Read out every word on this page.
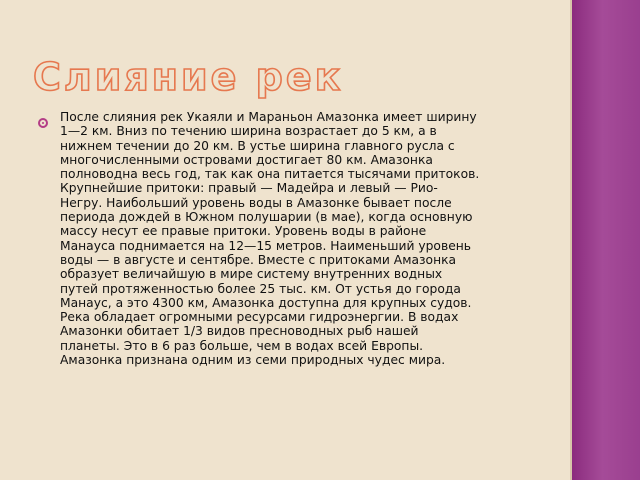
Слияние рек
После слияния рек Укаяли и Мараньон Амазонка имеет ширину
1—2 км. Вниз по течению ширина возрастает до 5 км, а в
нижнем течении до 20 км. В устье ширина главного русла с
многочисленными островами достигает 80 км. Амазонка
полноводна весь год, так как она питается тысячами притоков.
Крупнейшие притоки: правый — Мадейра и левый — Рио-
Негру. Наибольший уровень воды в Амазонке бывает после
периода дождей в Южном полушарии (в мае), когда основную
массу несут ее правые притоки. Уровень воды в районе
Манауса поднимается на 12—15 метров. Наименьший уровень
воды — в августе и сентябре. Вместе с притоками Амазонка
образует величайшую в мире систему внутренних водных
путей протяженностью более 25 тыс. км. От устья до города
Манаус, а это 4300 км, Амазонка доступна для крупных судов.
Река обладает огромными ресурсами гидроэнергии. В водах
Амазонки обитает 1/3 видов пресноводных рыб нашей
планеты. Это в 6 раз больше, чем в водах всей Европы.
Амазонка признана одним из семи природных чудес мира.
